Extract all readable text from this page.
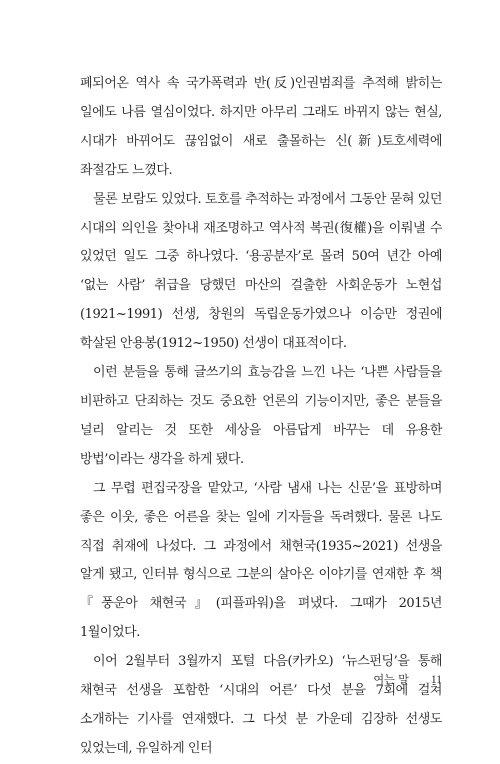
폐되어온 역사 속 국가폭력과 반(反)인권범죄를 추적해 밝히는 일에도 나름 열심이었다. 하지만 아무리 그래도 바뀌지 않는 현실, 시대가 바뀌어도 끊임없이 새로 출몰하는 신(新)토호세력에 좌절감도 느꼈다.

물론 보람도 있었다. 토호를 추적하는 과정에서 그동안 묻혀 있던 시대의 의인을 찾아내 재조명하고 역사적 복권(復權)을 이뤄낼 수 있었던 일도 그중 하나였다. ‘용공분자’로 몰려 50여 년간 아예 ‘없는 사람’ 취급을 당했던 마산의 걸출한 사회운동가 노현섭(1921~1991) 선생, 창원의 독립운동가였으나 이승만 정권에 학살된 안용봉(1912~1950) 선생이 대표적이다.

이런 분들을 통해 글쓰기의 효능감을 느낀 나는 ‘나쁜 사람들을 비판하고 단죄하는 것도 중요한 언론의 기능이지만, 좋은 분들을 널리 알리는 것 또한 세상을 아름답게 바꾸는 데 유용한 방법’이라는 생각을 하게 됐다.

그 무렵 편집국장을 맡았고, ‘사람 냄새 나는 신문’을 표방하며 좋은 이웃, 좋은 어른을 찾는 일에 기자들을 독려했다. 물론 나도 직접 취재에 나섰다. 그 과정에서 채현국(1935~2021) 선생을 알게 됐고, 인터뷰 형식으로 그분의 살아온 이야기를 연재한 후 책 『풍운아 채현국』(피플파워)을 펴냈다. 그때가 2015년 1월이었다.

이어 2월부터 3월까지 포털 다음(카카오) ‘뉴스펀딩’을 통해 채현국 선생을 포함한 ‘시대의 어른’ 다섯 분을 7회에 걸쳐 소개하는 기사를 연재했다. 그 다섯 분 가운데 김장하 선생도 있었는데, 유일하게 인터

여는 말 11
